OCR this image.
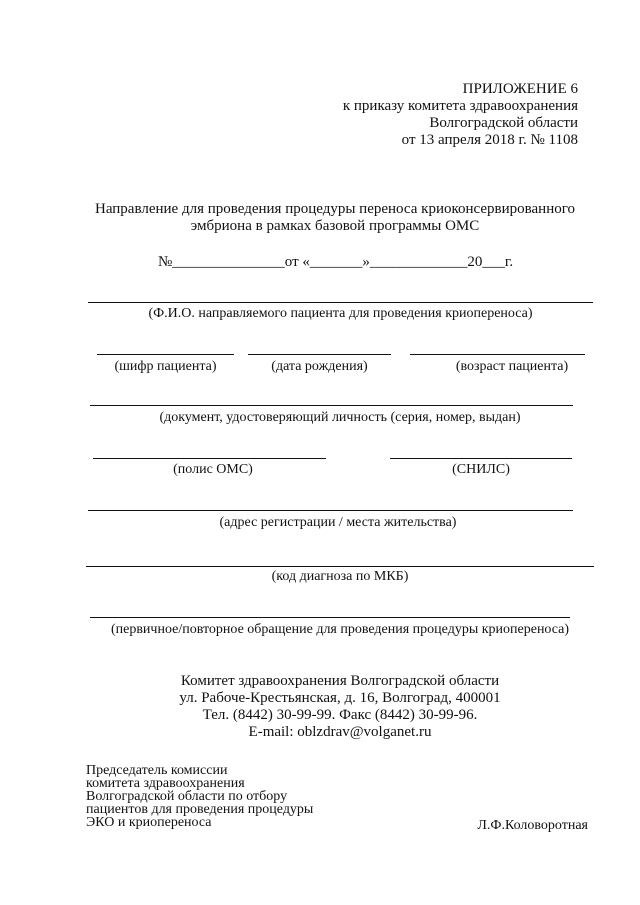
ПРИЛОЖЕНИЕ 6
к приказу комитета здравоохранения
Волгоградской области
от 13 апреля 2018 г. № 1108
Направление для проведения процедуры переноса криоконсервированного
эмбриона в рамках базовой программы ОМС
№_______________от «_______»_____________20___г.
(Ф.И.О. направляемого пациента для проведения криопереноса)
(шифр пациента)	(дата рождения)	(возраст пациента)
(документ, удостоверяющий личность (серия, номер, выдан)
(полис ОМС)	(СНИЛС)
(адрес регистрации / места жительства)
(код диагноза по МКБ)
(первичное/повторное обращение для проведения процедуры криопереноса)
Комитет здравоохранения Волгоградской области
ул. Рабоче-Крестьянская, д. 16, Волгоград, 400001
Тел. (8442) 30-99-99. Факс (8442) 30-99-96.
E-mail: oblzdrav@volganet.ru
Председатель комиссии
комитета здравоохранения
Волгоградской области по отбору
пациентов для проведения процедуры
ЭКО и криопереноса	Л.Ф.Коловоротная
